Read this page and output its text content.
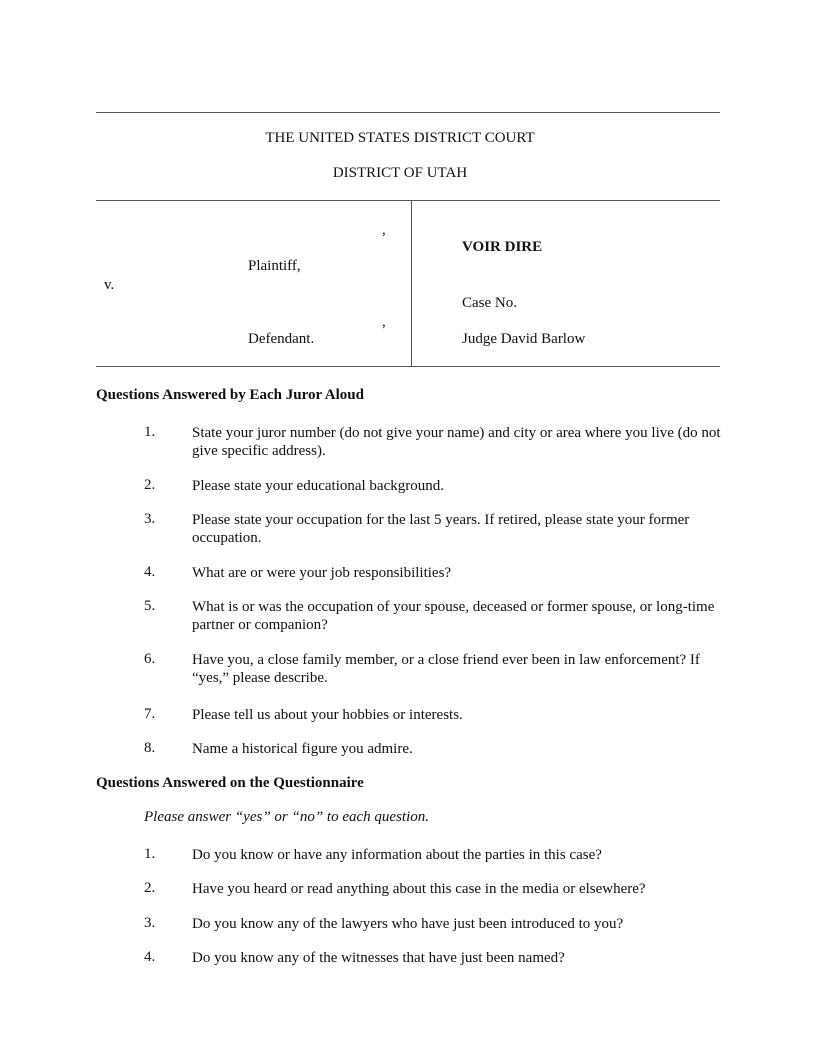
THE UNITED STATES DISTRICT COURT
DISTRICT OF UTAH
,
Plaintiff,
v.
,
Defendant.
VOIR DIRE
Case No.
Judge David Barlow
Questions Answered by Each Juror Aloud
1. State your juror number (do not give your name) and city or area where you live (do not give specific address).
2. Please state your educational background.
3. Please state your occupation for the last 5 years. If retired, please state your former occupation.
4. What are or were your job responsibilities?
5. What is or was the occupation of your spouse, deceased or former spouse, or long-time partner or companion?
6. Have you, a close family member, or a close friend ever been in law enforcement? If “yes,” please describe.
7. Please tell us about your hobbies or interests.
8. Name a historical figure you admire.
Questions Answered on the Questionnaire
Please answer “yes” or “no” to each question.
1. Do you know or have any information about the parties in this case?
2. Have you heard or read anything about this case in the media or elsewhere?
3. Do you know any of the lawyers who have just been introduced to you?
4. Do you know any of the witnesses that have just been named?
